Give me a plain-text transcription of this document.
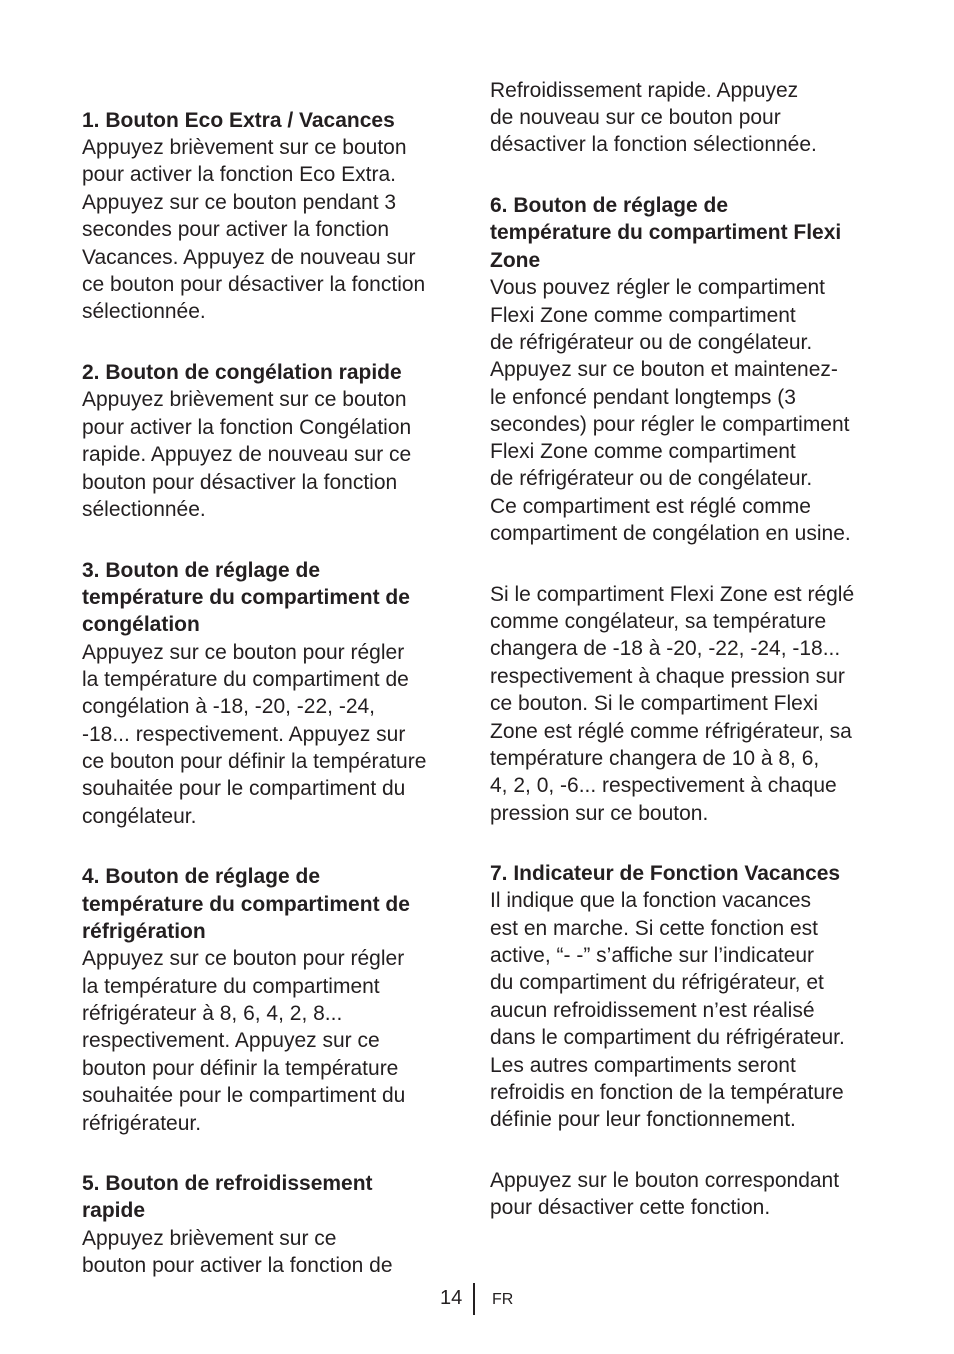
1. Bouton Eco Extra / Vacances

Appuyez brièvement sur ce bouton

pour activer la fonction Eco Extra.

Appuyez sur ce bouton pendant 3

secondes pour activer la fonction

Vacances. Appuyez de nouveau sur

ce bouton pour désactiver la fonction

sélectionnée.

2. Bouton de congélation rapide

Appuyez brièvement sur ce bouton

pour activer la fonction Congélation

rapide. Appuyez de nouveau sur ce

bouton pour désactiver la fonction

sélectionnée.

3. Bouton de réglage de

température du compartiment de

congélation

Appuyez sur ce bouton pour régler

la température du compartiment de

congélation à -18, -20, -22, -24,

-18... respectivement. Appuyez sur

ce bouton pour définir la température

souhaitée pour le compartiment du

congélateur.

4. Bouton de réglage de

température du compartiment de

réfrigération

Appuyez sur ce bouton pour régler

la température du compartiment

réfrigérateur à 8, 6, 4, 2, 8...

respectivement. Appuyez sur ce

bouton pour définir la température

souhaitée pour le compartiment du

réfrigérateur.

5. Bouton de refroidissement

rapide

Appuyez brièvement sur ce

bouton pour activer la fonction de

Refroidissement rapide. Appuyez

de nouveau sur ce bouton pour

désactiver la fonction sélectionnée.

6. Bouton de réglage de

température du compartiment Flexi

Zone

Vous pouvez régler le compartiment

Flexi Zone comme compartiment

de réfrigérateur ou de congélateur.

Appuyez sur ce bouton et maintenez-

le enfoncé pendant longtemps (3

secondes) pour régler le compartiment

Flexi Zone comme compartiment

de réfrigérateur ou de congélateur.

Ce compartiment est réglé comme

compartiment de congélation en usine.

Si le compartiment Flexi Zone est réglé

comme congélateur, sa température

changera de -18 à -20, -22, -24, -18...

respectivement à chaque pression sur

ce bouton. Si le compartiment Flexi

Zone est réglé comme réfrigérateur, sa

température changera de 10 à 8, 6,

4, 2, 0, -6... respectivement à chaque

pression sur ce bouton.

7. Indicateur de Fonction Vacances

Il indique que la fonction vacances

est en marche. Si cette fonction est

active, “- -” s’affiche sur l’indicateur

du compartiment du réfrigérateur, et

aucun refroidissement n’est réalisé

dans le compartiment du réfrigérateur.

Les autres compartiments seront

refroidis en fonction de la température

définie pour leur fonctionnement.

Appuyez sur le bouton correspondant

pour désactiver cette fonction.

14 FR
